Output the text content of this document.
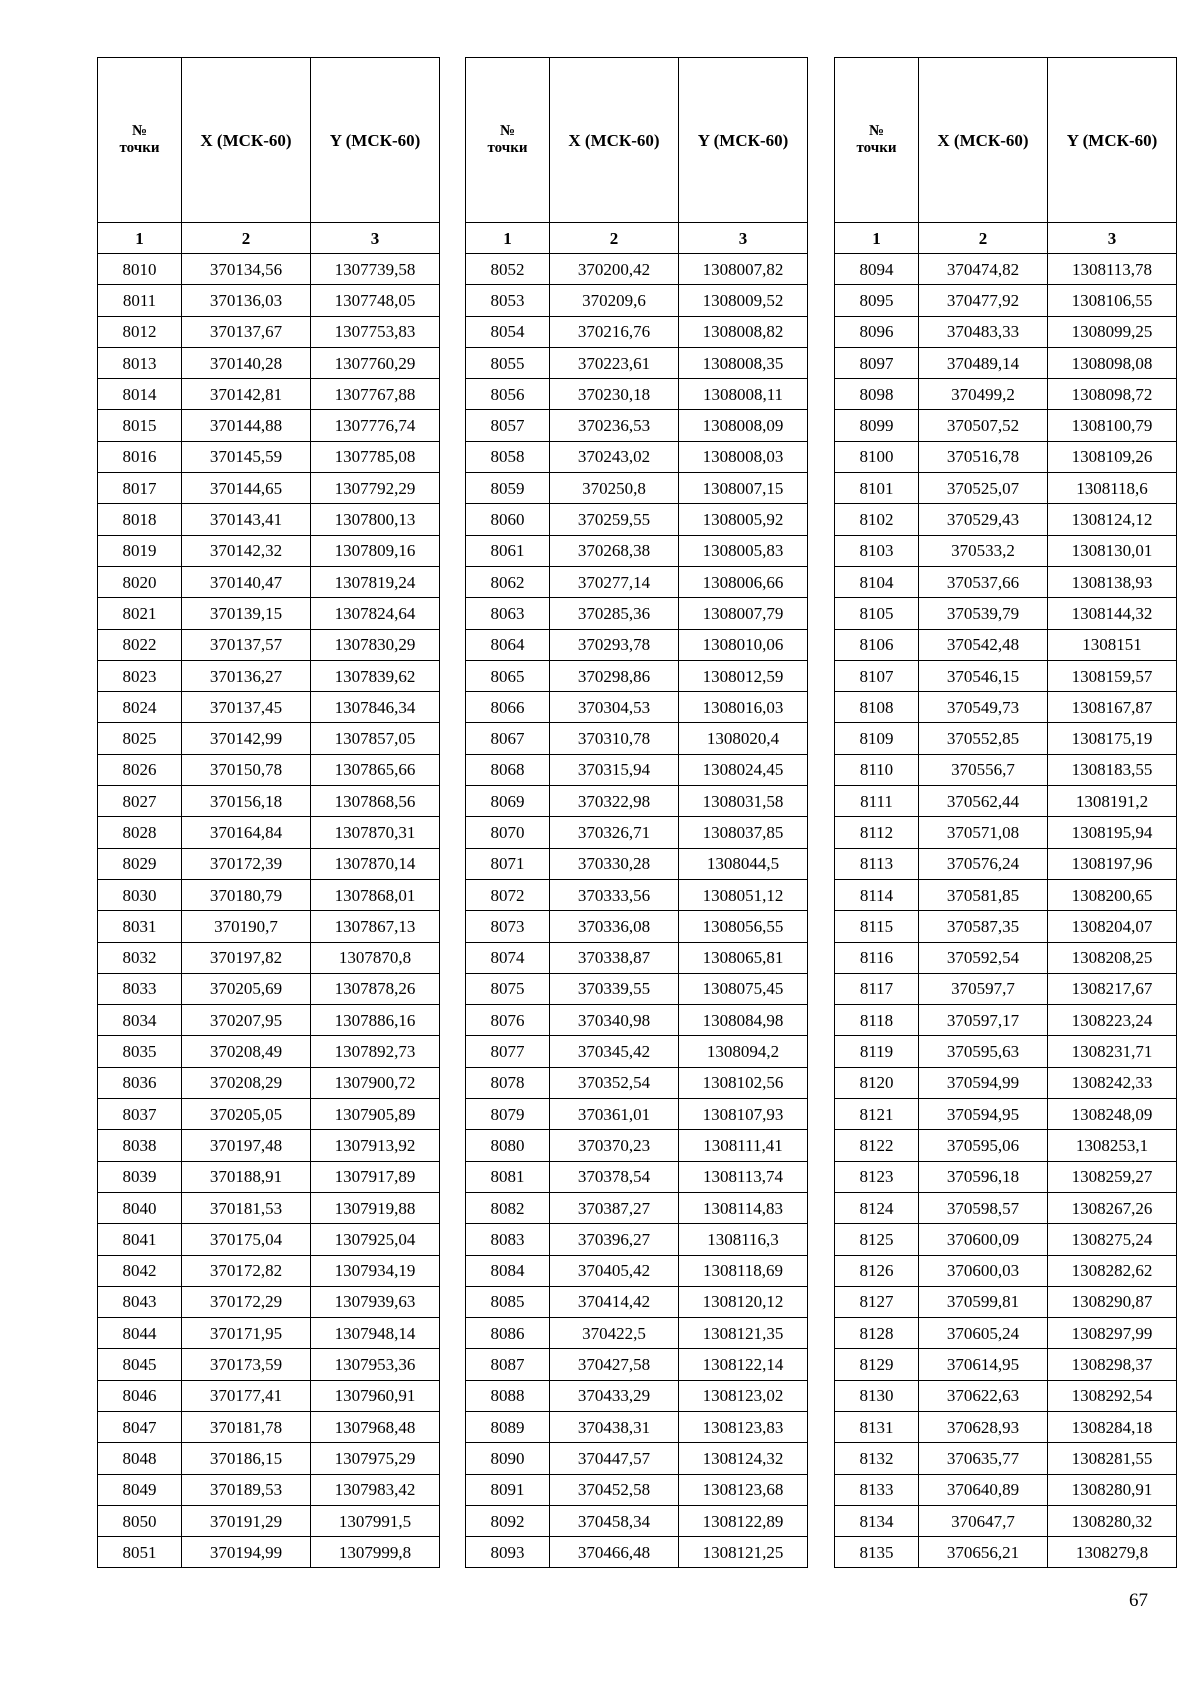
№
точки	X (МСК-60)	Y (МСК-60)
1	2	3
8010	370134,56	1307739,58
8011	370136,03	1307748,05
8012	370137,67	1307753,83
8013	370140,28	1307760,29
8014	370142,81	1307767,88
8015	370144,88	1307776,74
8016	370145,59	1307785,08
8017	370144,65	1307792,29
8018	370143,41	1307800,13
8019	370142,32	1307809,16
8020	370140,47	1307819,24
8021	370139,15	1307824,64
8022	370137,57	1307830,29
8023	370136,27	1307839,62
8024	370137,45	1307846,34
8025	370142,99	1307857,05
8026	370150,78	1307865,66
8027	370156,18	1307868,56
8028	370164,84	1307870,31
8029	370172,39	1307870,14
8030	370180,79	1307868,01
8031	370190,7	1307867,13
8032	370197,82	1307870,8
8033	370205,69	1307878,26
8034	370207,95	1307886,16
8035	370208,49	1307892,73
8036	370208,29	1307900,72
8037	370205,05	1307905,89
8038	370197,48	1307913,92
8039	370188,91	1307917,89
8040	370181,53	1307919,88
8041	370175,04	1307925,04
8042	370172,82	1307934,19
8043	370172,29	1307939,63
8044	370171,95	1307948,14
8045	370173,59	1307953,36
8046	370177,41	1307960,91
8047	370181,78	1307968,48
8048	370186,15	1307975,29
8049	370189,53	1307983,42
8050	370191,29	1307991,5
8051	370194,99	1307999,8
№
точки	X (МСК-60)	Y (МСК-60)
1	2	3
8052	370200,42	1308007,82
8053	370209,6	1308009,52
8054	370216,76	1308008,82
8055	370223,61	1308008,35
8056	370230,18	1308008,11
8057	370236,53	1308008,09
8058	370243,02	1308008,03
8059	370250,8	1308007,15
8060	370259,55	1308005,92
8061	370268,38	1308005,83
8062	370277,14	1308006,66
8063	370285,36	1308007,79
8064	370293,78	1308010,06
8065	370298,86	1308012,59
8066	370304,53	1308016,03
8067	370310,78	1308020,4
8068	370315,94	1308024,45
8069	370322,98	1308031,58
8070	370326,71	1308037,85
8071	370330,28	1308044,5
8072	370333,56	1308051,12
8073	370336,08	1308056,55
8074	370338,87	1308065,81
8075	370339,55	1308075,45
8076	370340,98	1308084,98
8077	370345,42	1308094,2
8078	370352,54	1308102,56
8079	370361,01	1308107,93
8080	370370,23	1308111,41
8081	370378,54	1308113,74
8082	370387,27	1308114,83
8083	370396,27	1308116,3
8084	370405,42	1308118,69
8085	370414,42	1308120,12
8086	370422,5	1308121,35
8087	370427,58	1308122,14
8088	370433,29	1308123,02
8089	370438,31	1308123,83
8090	370447,57	1308124,32
8091	370452,58	1308123,68
8092	370458,34	1308122,89
8093	370466,48	1308121,25
№
точки	X (МСК-60)	Y (МСК-60)
1	2	3
8094	370474,82	1308113,78
8095	370477,92	1308106,55
8096	370483,33	1308099,25
8097	370489,14	1308098,08
8098	370499,2	1308098,72
8099	370507,52	1308100,79
8100	370516,78	1308109,26
8101	370525,07	1308118,6
8102	370529,43	1308124,12
8103	370533,2	1308130,01
8104	370537,66	1308138,93
8105	370539,79	1308144,32
8106	370542,48	1308151
8107	370546,15	1308159,57
8108	370549,73	1308167,87
8109	370552,85	1308175,19
8110	370556,7	1308183,55
8111	370562,44	1308191,2
8112	370571,08	1308195,94
8113	370576,24	1308197,96
8114	370581,85	1308200,65
8115	370587,35	1308204,07
8116	370592,54	1308208,25
8117	370597,7	1308217,67
8118	370597,17	1308223,24
8119	370595,63	1308231,71
8120	370594,99	1308242,33
8121	370594,95	1308248,09
8122	370595,06	1308253,1
8123	370596,18	1308259,27
8124	370598,57	1308267,26
8125	370600,09	1308275,24
8126	370600,03	1308282,62
8127	370599,81	1308290,87
8128	370605,24	1308297,99
8129	370614,95	1308298,37
8130	370622,63	1308292,54
8131	370628,93	1308284,18
8132	370635,77	1308281,55
8133	370640,89	1308280,91
8134	370647,7	1308280,32
8135	370656,21	1308279,8
67
